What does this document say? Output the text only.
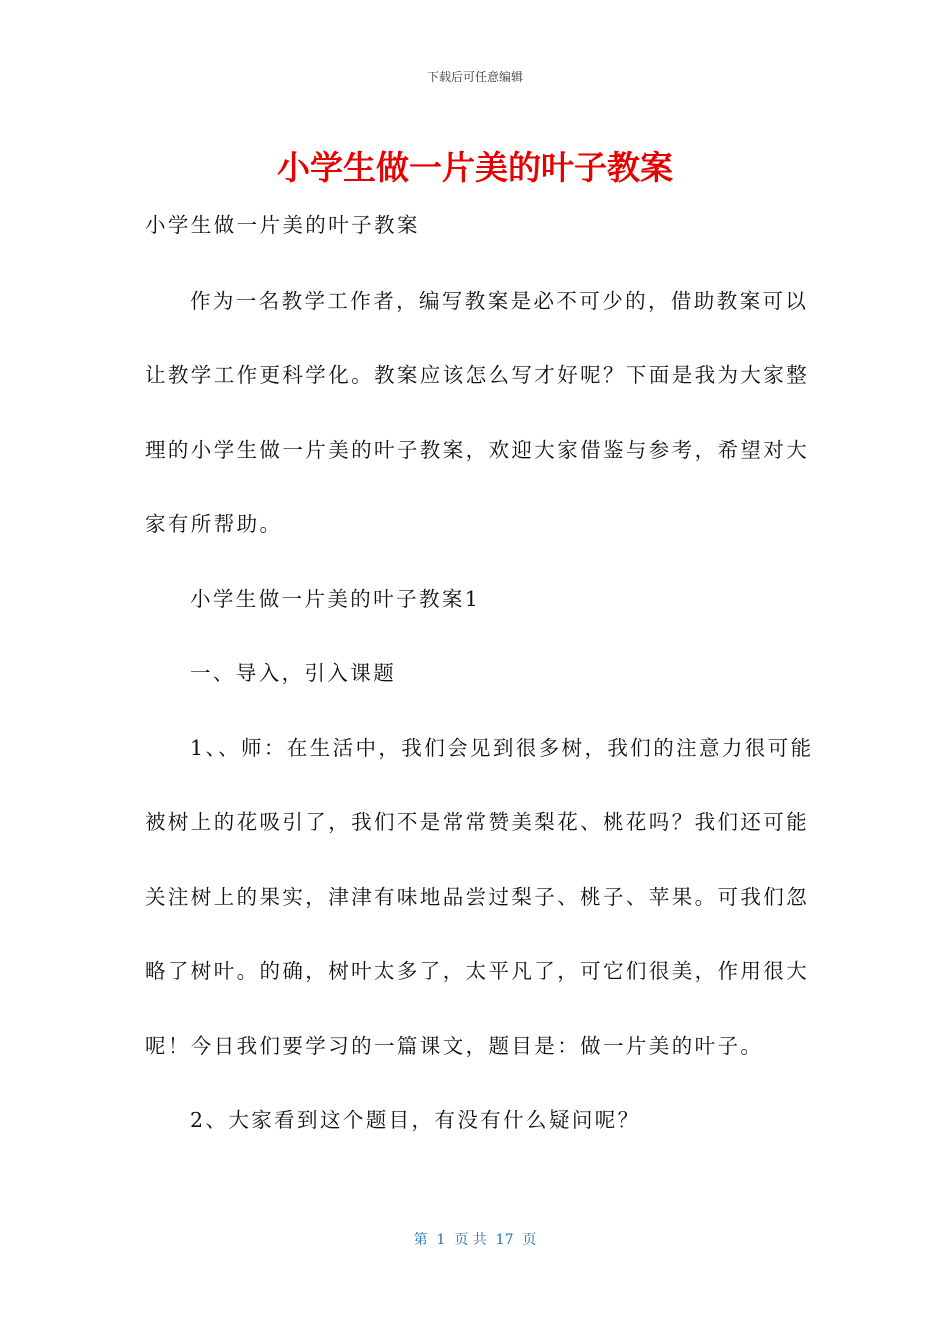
下载后可任意编辑
小学生做一片美的叶子教案
小学生做一片美的叶子教案
作为一名教学工作者，编写教案是必不可少的，借助教案可以
让教学工作更科学化。教案应该怎么写才好呢？下面是我为大家整
理的小学生做一片美的叶子教案，欢迎大家借鉴与参考，希望对大
家有所帮助。
小学生做一片美的叶子教案1
一、导入，引入课题
1、、师：在生活中，我们会见到很多树，我们的注意力很可能
被树上的花吸引了，我们不是常常赞美梨花、桃花吗？我们还可能
关注树上的果实，津津有味地品尝过梨子、桃子、苹果。可我们忽
略了树叶。的确，树叶太多了，太平凡了，可它们很美，作用很大
呢！今日我们要学习的一篇课文，题目是：做一片美的叶子。
2、大家看到这个题目，有没有什么疑问呢？
第  1  页 共  17  页
